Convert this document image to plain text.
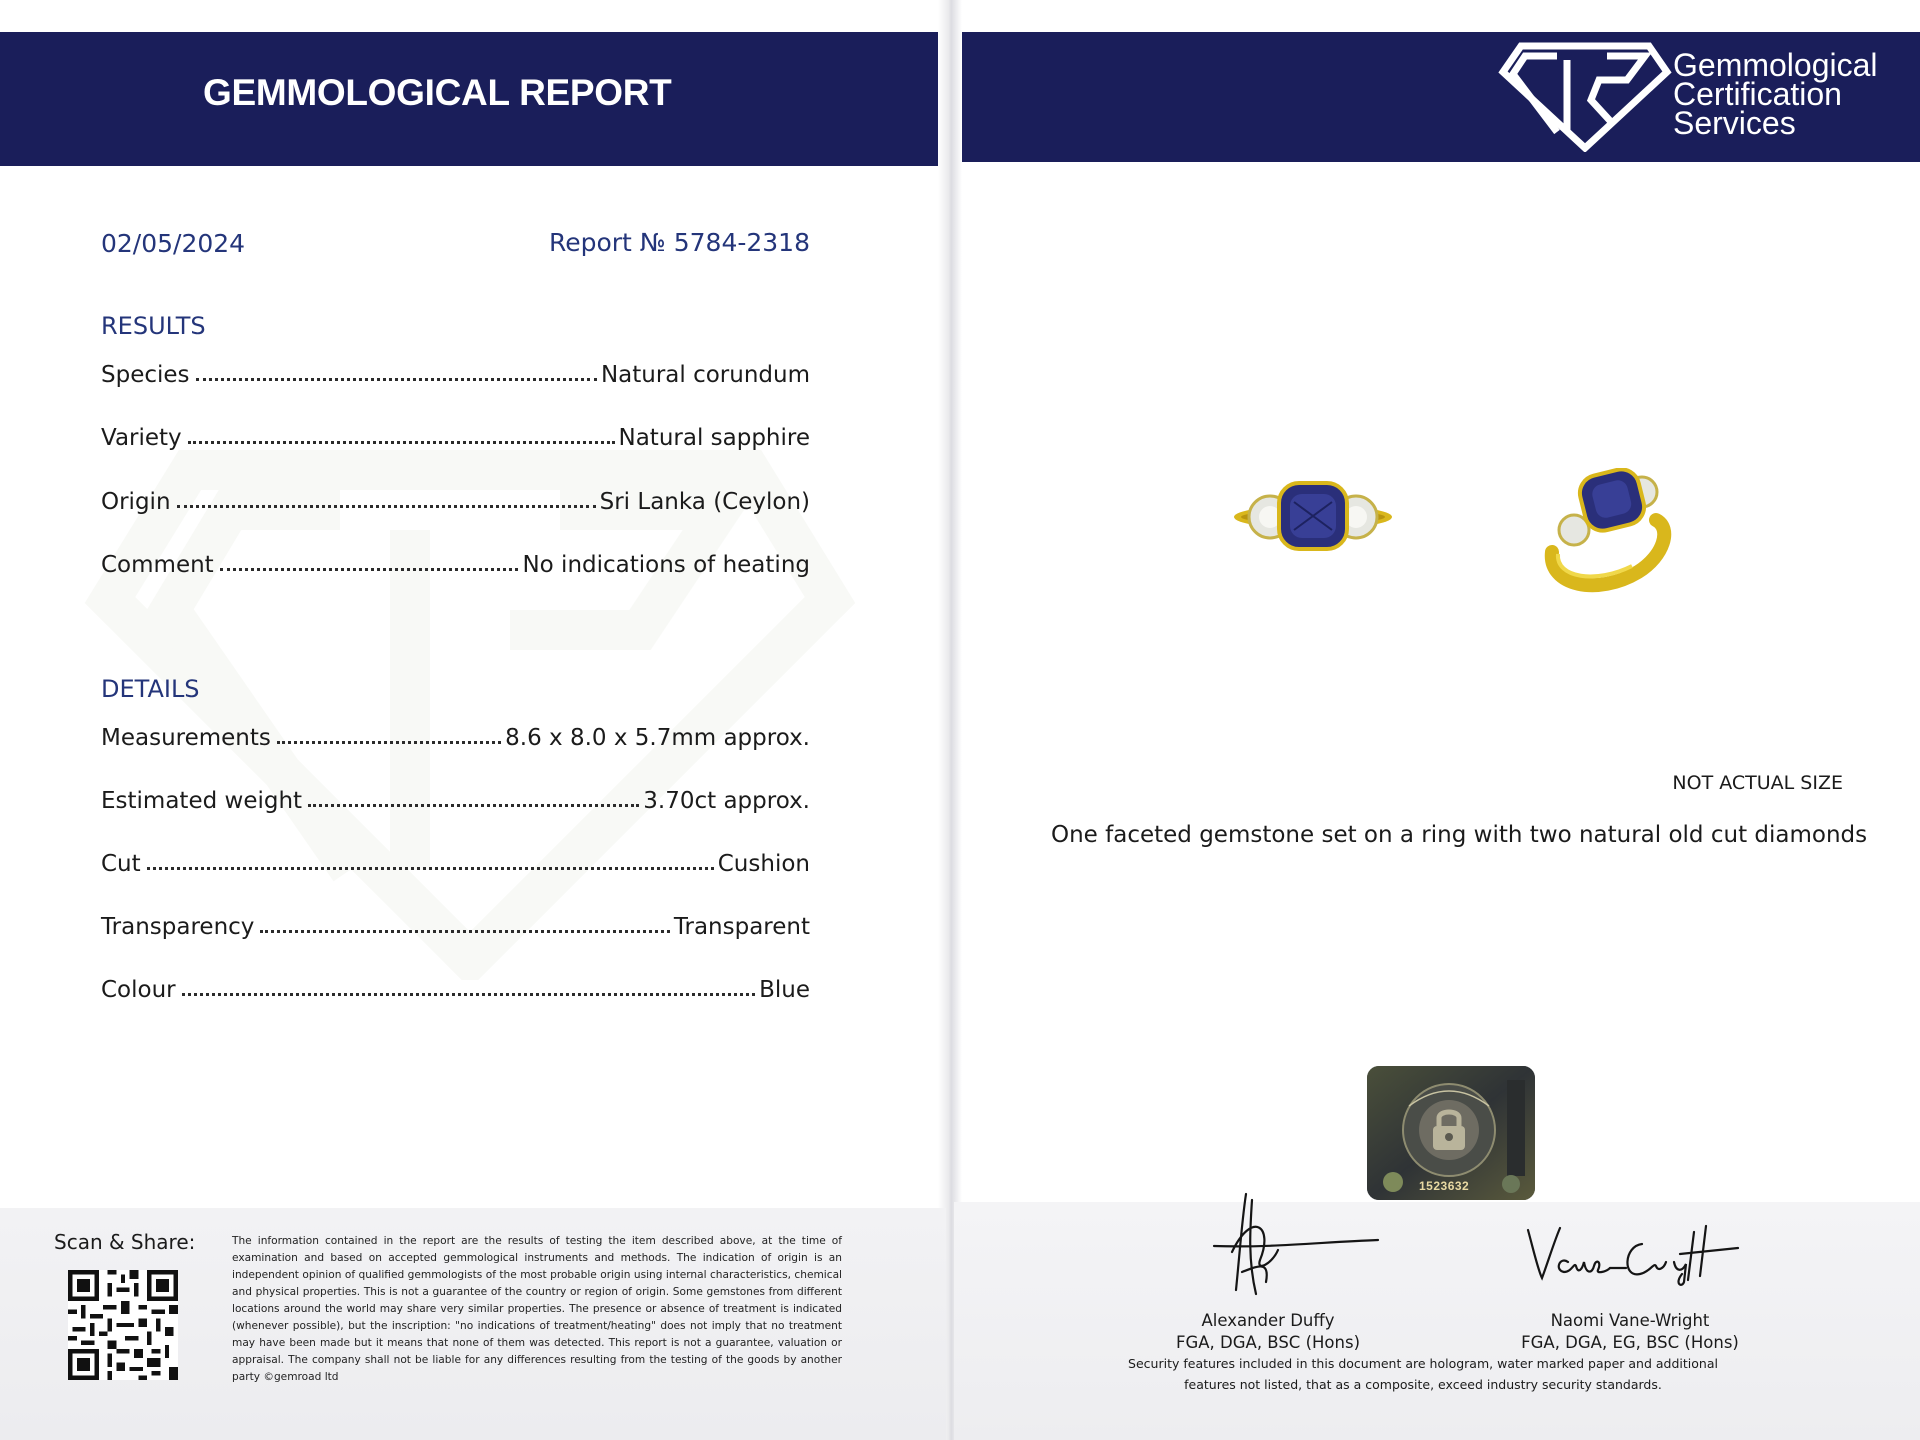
GEMMOLOGICAL REPORT
Gemmological
Certification
Services
02/05/2024	Report № 5784-2318
RESULTS
Species	Natural corundum
Variety	Natural sapphire
Origin	Sri Lanka (Ceylon)
Comment	No indications of heating
DETAILS
Measurements	8.6 x 8.0 x 5.7mm approx.
Estimated weight	3.70ct approx.
Cut	Cushion
Transparency	Transparent
Colour	Blue
Scan & Share:	The information contained in the report are the results of testing the item described above, at the time of examination and based on accepted gemmological instruments and methods. The indication of origin is an independent opinion of qualified gemmologists of the most probable origin using internal characteristics, chemical and physical properties. This is not a guarantee of the country or region of origin. Some gemstones from different locations around the world may share very similar properties. The presence or absence of treatment is indicated (whenever possible), but the inscription: "no indications of treatment/heating" does not imply that no treatment may have been made but it means that none of them was detected. This report is not a guarantee, valuation or appraisal. The company shall not be liable for any differences resulting from the testing of the goods by another party ©gemroad ltd
NOT ACTUAL SIZE
One faceted gemstone set on a ring with two natural old cut diamonds
1523632
Alexander Duffy
FGA, DGA, BSC (Hons)
Naomi Vane-Wright
FGA, DGA, EG, BSC (Hons)
Security features included in this document are hologram, water marked paper and additional
features not listed, that as a composite, exceed industry security standards.
